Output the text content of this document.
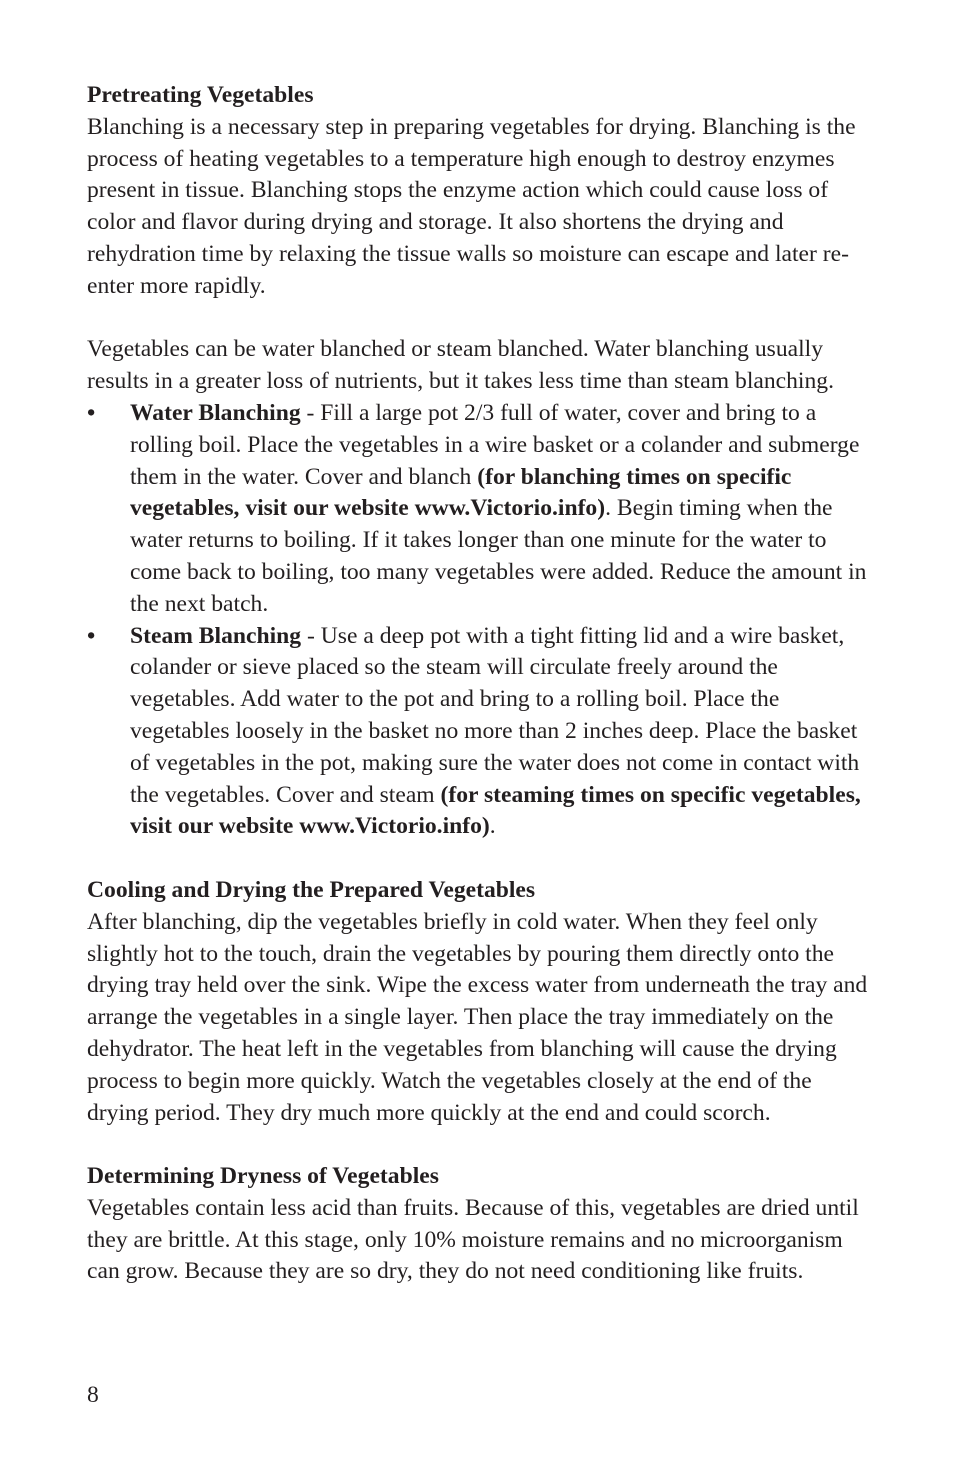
Pretreating Vegetables

Blanching is a necessary step in preparing vegetables for drying. Blanching is the process of heating vegetables to a temperature high enough to destroy enzymes present in tissue. Blanching stops the enzyme action which could cause loss of color and flavor during drying and storage. It also shortens the drying and rehydration time by relaxing the tissue walls so moisture can escape and later re-enter more rapidly.

Vegetables can be water blanched or steam blanched. Water blanching usually results in a greater loss of nutrients, but it takes less time than steam blanching.

• Water Blanching - Fill a large pot 2/3 full of water, cover and bring to a rolling boil. Place the vegetables in a wire basket or a colander and submerge them in the water. Cover and blanch (for blanching times on specific vegetables, visit our website www.Victorio.info). Begin timing when the water returns to boiling. If it takes longer than one minute for the water to come back to boiling, too many vegetables were added. Reduce the amount in the next batch.
• Steam Blanching - Use a deep pot with a tight fitting lid and a wire basket, colander or sieve placed so the steam will circulate freely around the vegetables. Add water to the pot and bring to a rolling boil. Place the vegetables loosely in the basket no more than 2 inches deep. Place the basket of vegetables in the pot, making sure the water does not come in contact with the vegetables. Cover and steam (for steaming times on specific vegetables, visit our website www.Victorio.info).

Cooling and Drying the Prepared Vegetables

After blanching, dip the vegetables briefly in cold water. When they feel only slightly hot to the touch, drain the vegetables by pouring them directly onto the drying tray held over the sink. Wipe the excess water from underneath the tray and arrange the vegetables in a single layer. Then place the tray immediately on the dehydrator. The heat left in the vegetables from blanching will cause the drying process to begin more quickly. Watch the vegetables closely at the end of the drying period. They dry much more quickly at the end and could scorch.

Determining Dryness of Vegetables

Vegetables contain less acid than fruits. Because of this, vegetables are dried until they are brittle. At this stage, only 10% moisture remains and no microorganism can grow. Because they are so dry, they do not need conditioning like fruits.

8
